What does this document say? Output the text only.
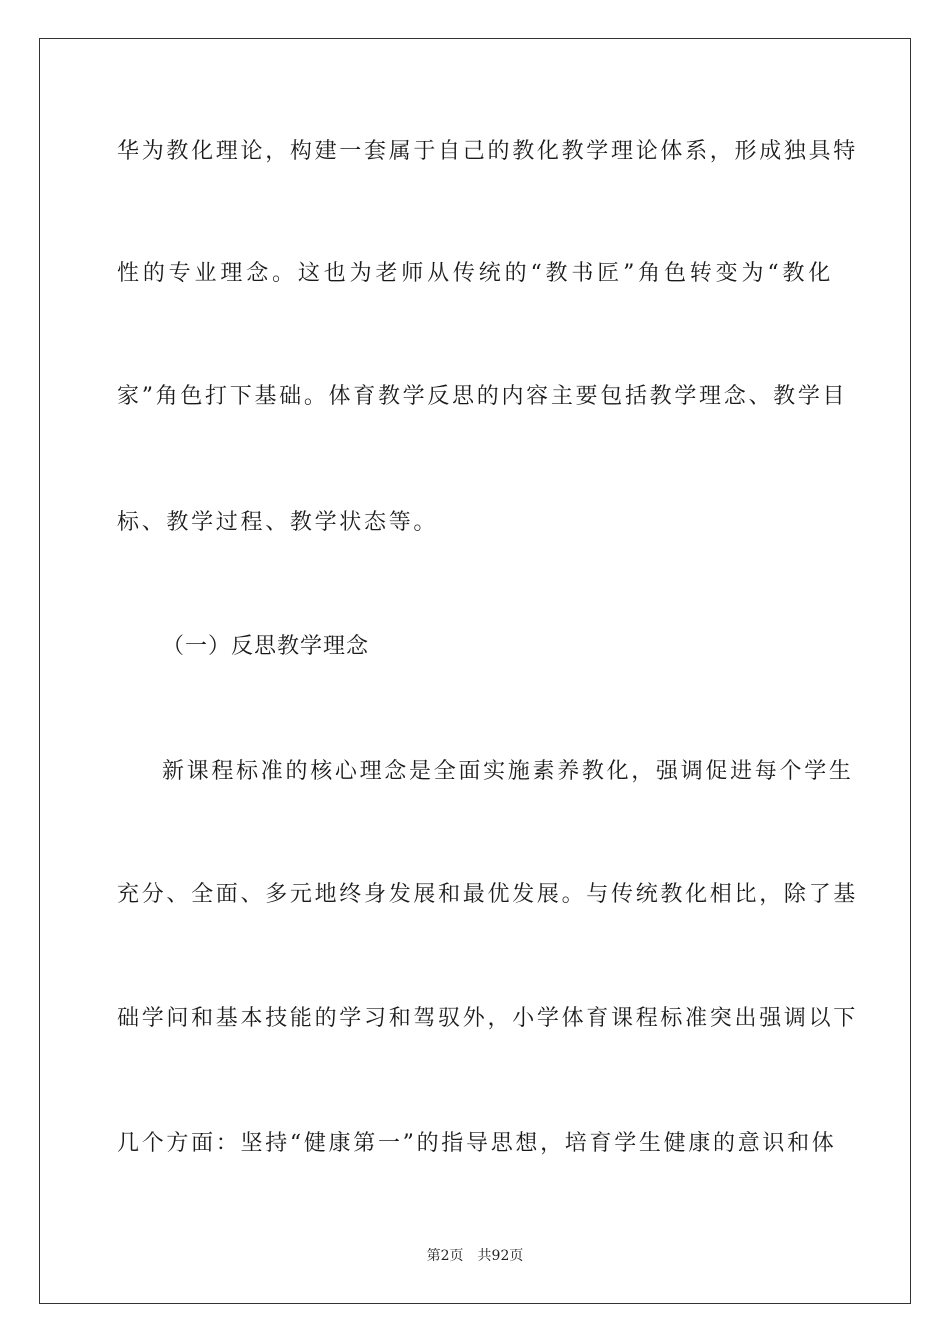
华为教化理论，构建一套属于自己的教化教学理论体系，形成独具特
性的专业理念。这也为老师从传统的“教书匠”角色转变为“教化
家”角色打下基础。体育教学反思的内容主要包括教学理念、教学目
标、教学过程、教学状态等。
（一）反思教学理念
新课程标准的核心理念是全面实施素养教化，强调促进每个学生
充分、全面、多元地终身发展和最优发展。与传统教化相比，除了基
础学问和基本技能的学习和驾驭外，小学体育课程标准突出强调以下
几个方面：坚持“健康第一”的指导思想，培育学生健康的意识和体
第2页 共92页
